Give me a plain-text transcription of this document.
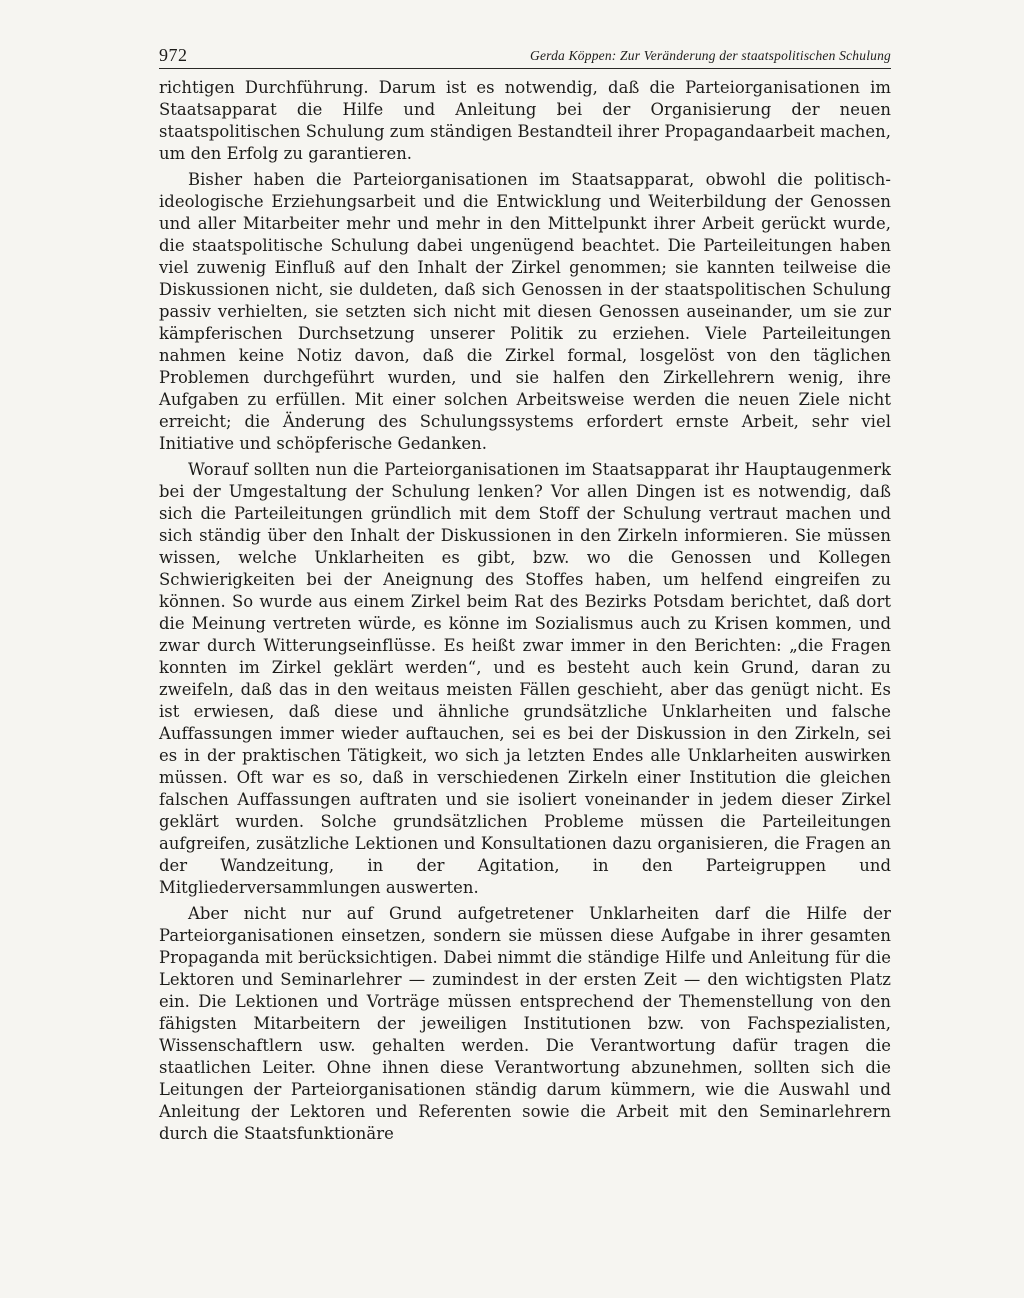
972	Gerda Köppen: Zur Veränderung der staatspolitischen Schulung

richtigen Durchführung. Darum ist es notwendig, daß die Parteiorganisationen im Staatsapparat die Hilfe und Anleitung bei der Organisierung der neuen staatspolitischen Schulung zum ständigen Bestandteil ihrer Propagandaarbeit machen, um den Erfolg zu garantieren.

Bisher haben die Parteiorganisationen im Staatsapparat, obwohl die politisch-ideologische Erziehungsarbeit und die Entwicklung und Weiterbildung der Genossen und aller Mitarbeiter mehr und mehr in den Mittelpunkt ihrer Arbeit gerückt wurde, die staatspolitische Schulung dabei ungenügend beachtet. Die Parteileitungen haben viel zuwenig Einfluß auf den Inhalt der Zirkel genommen; sie kannten teilweise die Diskussionen nicht, sie duldeten, daß sich Genossen in der staatspolitischen Schulung passiv verhielten, sie setzten sich nicht mit diesen Genossen auseinander, um sie zur kämpferischen Durchsetzung unserer Politik zu erziehen. Viele Parteileitungen nahmen keine Notiz davon, daß die Zirkel formal, losgelöst von den täglichen Problemen durchgeführt wurden, und sie halfen den Zirkellehrern wenig, ihre Aufgaben zu erfüllen. Mit einer solchen Arbeitsweise werden die neuen Ziele nicht erreicht; die Änderung des Schulungssystems erfordert ernste Arbeit, sehr viel Initiative und schöpferische Gedanken.

Worauf sollten nun die Parteiorganisationen im Staatsapparat ihr Hauptaugenmerk bei der Umgestaltung der Schulung lenken? Vor allen Dingen ist es notwendig, daß sich die Parteileitungen gründlich mit dem Stoff der Schulung vertraut machen und sich ständig über den Inhalt der Diskussionen in den Zirkeln informieren. Sie müssen wissen, welche Unklarheiten es gibt, bzw. wo die Genossen und Kollegen Schwierigkeiten bei der Aneignung des Stoffes haben, um helfend eingreifen zu können. So wurde aus einem Zirkel beim Rat des Bezirks Potsdam berichtet, daß dort die Meinung vertreten würde, es könne im Sozialismus auch zu Krisen kommen, und zwar durch Witterungseinflüsse. Es heißt zwar immer in den Berichten: „die Fragen konnten im Zirkel geklärt werden“, und es besteht auch kein Grund, daran zu zweifeln, daß das in den weitaus meisten Fällen geschieht, aber das genügt nicht. Es ist erwiesen, daß diese und ähnliche grundsätzliche Unklarheiten und falsche Auffassungen immer wieder auftauchen, sei es bei der Diskussion in den Zirkeln, sei es in der praktischen Tätigkeit, wo sich ja letzten Endes alle Unklarheiten auswirken müssen. Oft war es so, daß in verschiedenen Zirkeln einer Institution die gleichen falschen Auffassungen auftraten und sie isoliert voneinander in jedem dieser Zirkel geklärt wurden. Solche grundsätzlichen Probleme müssen die Parteileitungen aufgreifen, zusätzliche Lektionen und Konsultationen dazu organisieren, die Fragen an der Wandzeitung, in der Agitation, in den Parteigruppen und Mitgliederversammlungen auswerten.

Aber nicht nur auf Grund aufgetretener Unklarheiten darf die Hilfe der Parteiorganisationen einsetzen, sondern sie müssen diese Aufgabe in ihrer gesamten Propaganda mit berücksichtigen. Dabei nimmt die ständige Hilfe und Anleitung für die Lektoren und Seminarlehrer — zumindest in der ersten Zeit — den wichtigsten Platz ein. Die Lektionen und Vorträge müssen entsprechend der Themenstellung von den fähigsten Mitarbeitern der jeweiligen Institutionen bzw. von Fachspezialisten, Wissenschaftlern usw. gehalten werden. Die Verantwortung dafür tragen die staatlichen Leiter. Ohne ihnen diese Verantwortung abzunehmen, sollten sich die Leitungen der Parteiorganisationen ständig darum kümmern, wie die Auswahl und Anleitung der Lektoren und Referenten sowie die Arbeit mit den Seminarlehrern durch die Staatsfunktionäre
